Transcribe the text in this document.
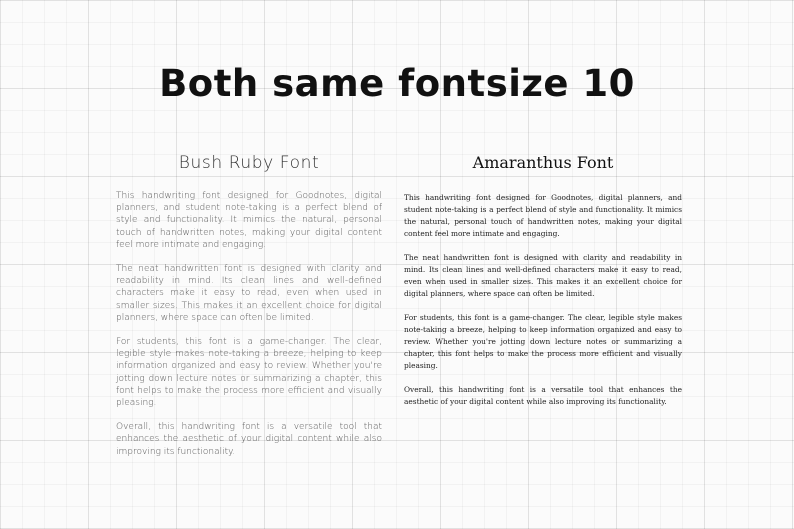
Both same fontsize 10
Bush Ruby Font

This handwriting font designed for Goodnotes, digital planners, and student note-taking is a perfect blend of style and functionality. It mimics the natural, personal touch of handwritten notes, making your digital content feel more intimate and engaging.

The neat handwritten font is designed with clarity and readability in mind. Its clean lines and well-defined characters make it easy to read, even when used in smaller sizes. This makes it an excellent choice for digital planners, where space can often be limited.

For students, this font is a game-changer. The clear, legible style makes note-taking a breeze, helping to keep information organized and easy to review. Whether you're jotting down lecture notes or summarizing a chapter, this font helps to make the process more efficient and visually pleasing.

Overall, this handwriting font is a versatile tool that enhances the aesthetic of your digital content while also improving its functionality.

Amaranthus Font

This handwriting font designed for Goodnotes, digital planners, and student note-taking is a perfect blend of style and functionality. It mimics the natural, personal touch of handwritten notes, making your digital content feel more intimate and engaging.

The neat handwritten font is designed with clarity and readability in mind. Its clean lines and well-defined characters make it easy to read, even when used in smaller sizes. This makes it an excellent choice for digital planners, where space can often be limited.

For students, this font is a game-changer. The clear, legible style makes note-taking a breeze, helping to keep information organized and easy to review. Whether you're jotting down lecture notes or summarizing a chapter, this font helps to make the process more efficient and visually pleasing.

Overall, this handwriting font is a versatile tool that enhances the aesthetic of your digital content while also improving its functionality.
